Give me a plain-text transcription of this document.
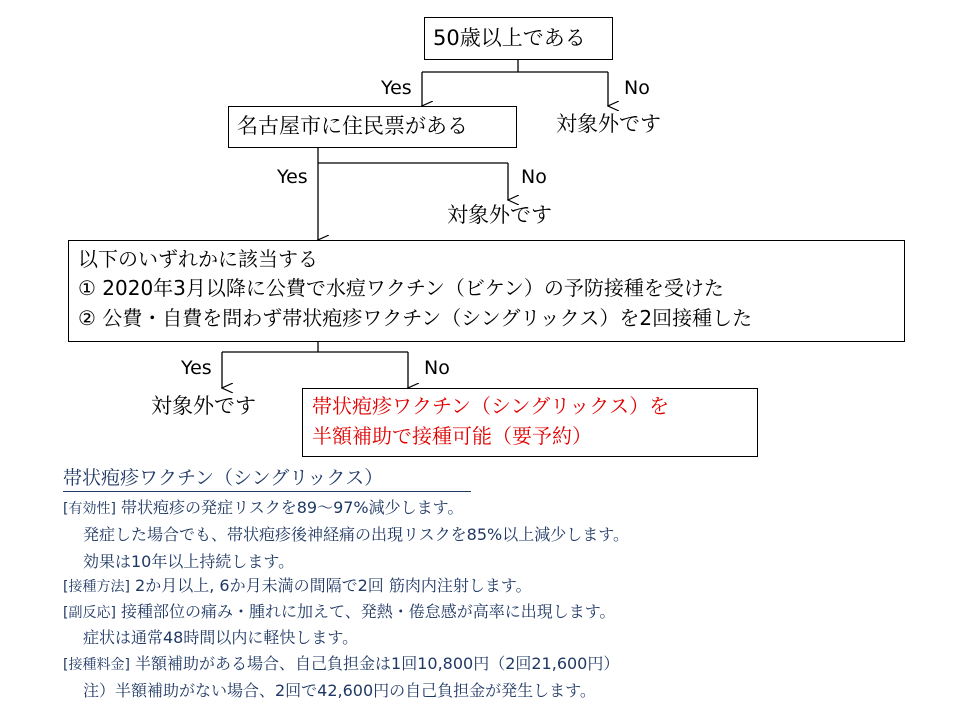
50歳以上である
Yes	No
対象外です
名古屋市に住民票がある
Yes	No
対象外です
以下のいずれかに該当する
① 2020年3月以降に公費で水痘ワクチン（ビケン）の予防接種を受けた
② 公費・自費を問わず帯状疱疹ワクチン（シングリックス）を2回接種した
Yes	No
対象外です	帯状疱疹ワクチン（シングリックス）を
半額補助で接種可能（要予約）
帯状疱疹ワクチン（シングリックス）
[有効性] 帯状疱疹の発症リスクを89〜97%減少します。
発症した場合でも、帯状疱疹後神経痛の出現リスクを85%以上減少します。
効果は10年以上持続します。
[接種方法] 2か月以上, 6か月未満の間隔で2回 筋肉内注射します。
[副反応] 接種部位の痛み・腫れに加えて、発熱・倦怠感が高率に出現します。
症状は通常48時間以内に軽快します。
[接種料金] 半額補助がある場合、自己負担金は1回10,800円（2回21,600円）
注）半額補助がない場合、2回で42,600円の自己負担金が発生します。
